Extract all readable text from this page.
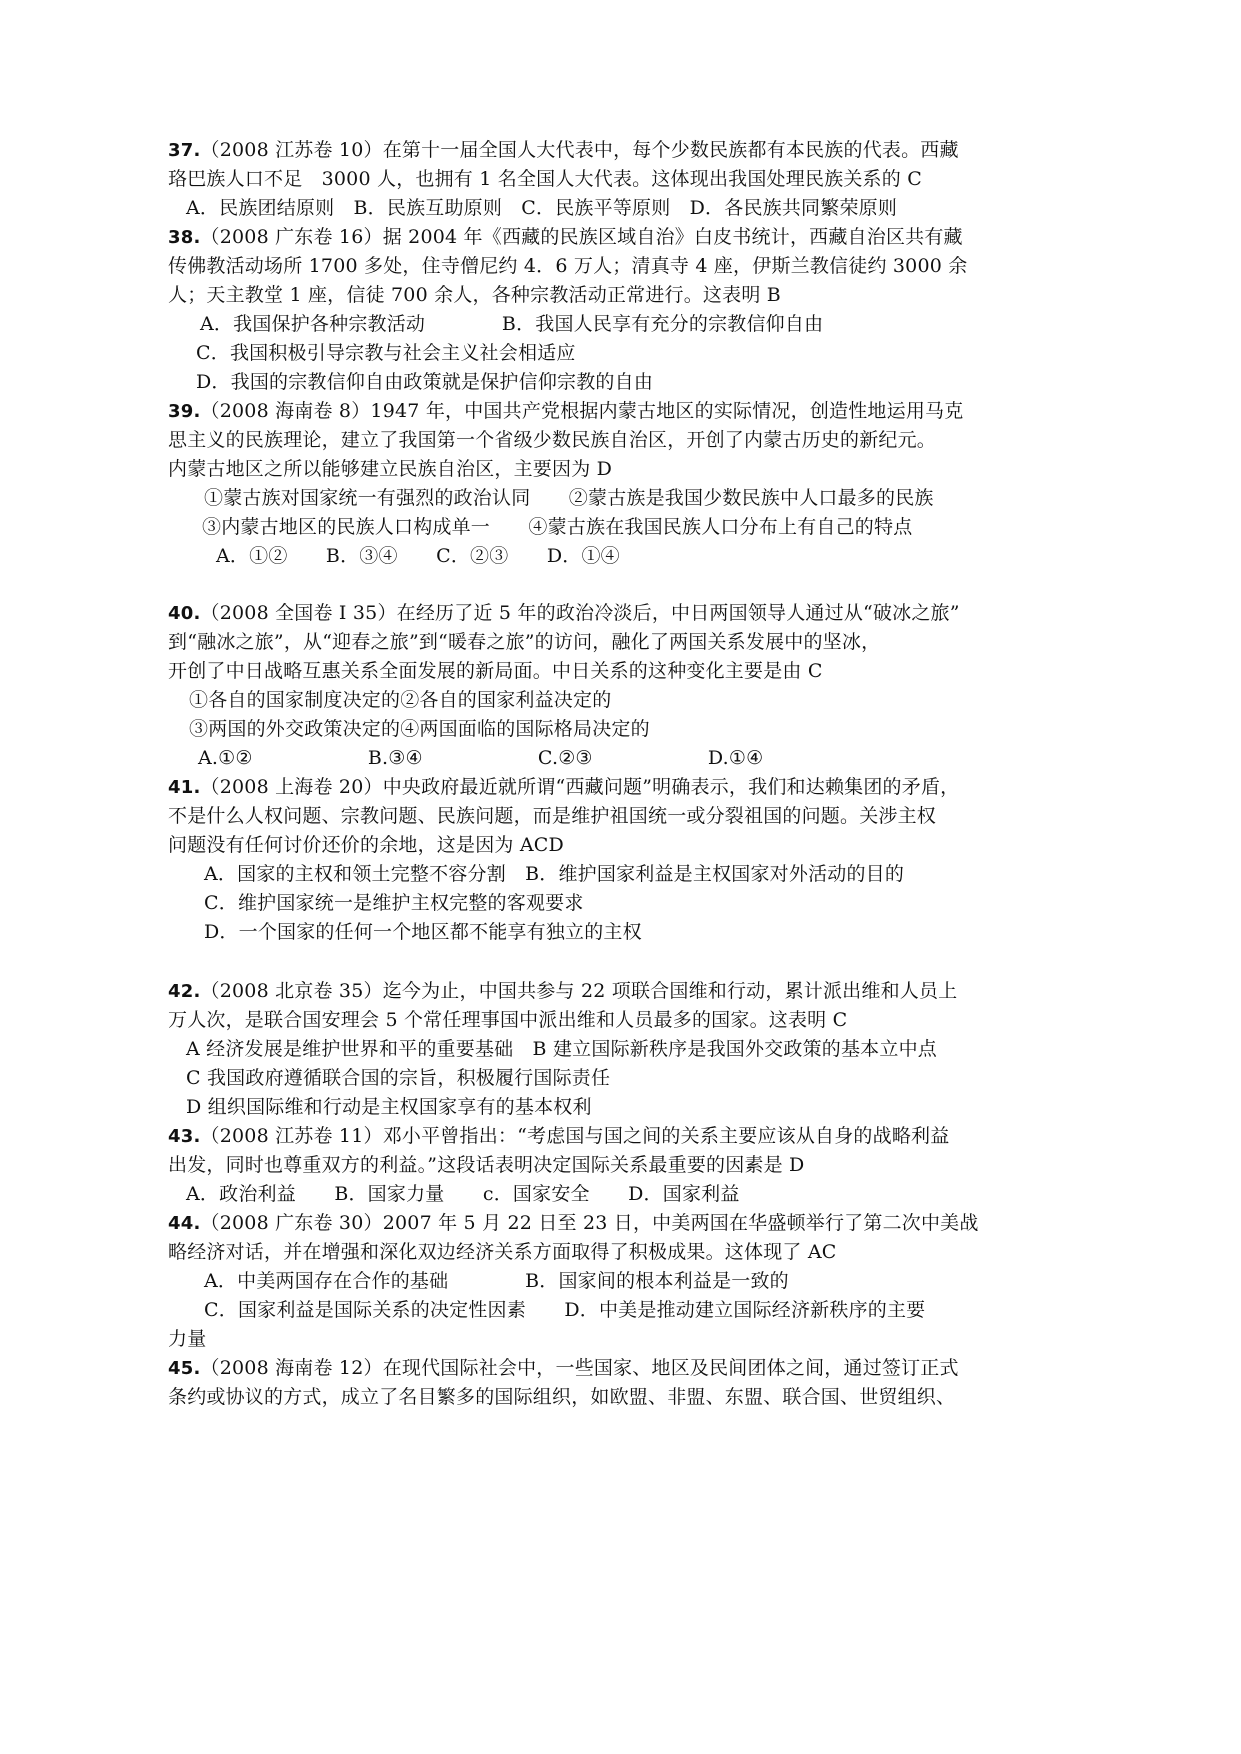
37.（2008 江苏卷 10）在第十一届全国人大代表中，每个少数民族都有本民族的代表。西藏
珞巴族人口不足　3000 人，也拥有 1 名全国人大代表。这体现出我国处理民族关系的 C
A．民族团结原则　B．民族互助原则　C．民族平等原则　D．各民族共同繁荣原则
38.（2008 广东卷 16）据 2004 年《西藏的民族区域自治》白皮书统计，西藏自治区共有藏
传佛教活动场所 1700 多处，住寺僧尼约 4．6 万人；清真寺 4 座，伊斯兰教信徒约 3000 余
人；天主教堂 1 座，信徒 700 余人，各种宗教活动正常进行。这表明 B
A．我国保护各种宗教活动　　　　B．我国人民享有充分的宗教信仰自由
C．我国积极引导宗教与社会主义社会相适应
D．我国的宗教信仰自由政策就是保护信仰宗教的自由
39.（2008 海南卷 8）1947 年，中国共产党根据内蒙古地区的实际情况，创造性地运用马克
思主义的民族理论，建立了我国第一个省级少数民族自治区，开创了内蒙古历史的新纪元。
内蒙古地区之所以能够建立民族自治区，主要因为 D
①蒙古族对国家统一有强烈的政治认同　　②蒙古族是我国少数民族中人口最多的民族
③内蒙古地区的民族人口构成单一　　④蒙古族在我国民族人口分布上有自己的特点
A．①②　　B．③④　　C．②③　　D．①④
40.（2008 全国卷 I 35）在经历了近 5 年的政治冷淡后，中日两国领导人通过从“破冰之旅”
到“融冰之旅”，从“迎春之旅”到“暖春之旅”的访问，融化了两国关系发展中的坚冰，
开创了中日战略互惠关系全面发展的新局面。中日关系的这种变化主要是由 C
①各自的国家制度决定的②各自的国家利益决定的
③两国的外交政策决定的④两国面临的国际格局决定的
A.①②　　　　　　B.③④　　　　　　C.②③　　　　　　D.①④
41.（2008 上海卷 20）中央政府最近就所谓“西藏问题”明确表示，我们和达赖集团的矛盾，
不是什么人权问题、宗教问题、民族问题，而是维护祖国统一或分裂祖国的问题。关涉主权
问题没有任何讨价还价的余地，这是因为 ACD
A．国家的主权和领土完整不容分割　B．维护国家利益是主权国家对外活动的目的
C．维护国家统一是维护主权完整的客观要求
D．一个国家的任何一个地区都不能享有独立的主权
42.（2008 北京卷 35）迄今为止，中国共参与 22 项联合国维和行动，累计派出维和人员上
万人次，是联合国安理会 5 个常任理事国中派出维和人员最多的国家。这表明 C
A 经济发展是维护世界和平的重要基础　B 建立国际新秩序是我国外交政策的基本立中点
C 我国政府遵循联合国的宗旨，积极履行国际责任
D 组织国际维和行动是主权国家享有的基本权利
43.（2008 江苏卷 11）邓小平曾指出：“考虑国与国之间的关系主要应该从自身的战略利益
出发，同时也尊重双方的利益。”这段话表明决定国际关系最重要的因素是 D
A．政治利益　　B．国家力量　　c．国家安全　　D．国家利益
44.（2008 广东卷 30）2007 年 5 月 22 日至 23 日，中美两国在华盛顿举行了第二次中美战
略经济对话，并在增强和深化双边经济关系方面取得了积极成果。这体现了 AC
A．中美两国存在合作的基础　　　　B．国家间的根本利益是一致的
C．国家利益是国际关系的决定性因素　　D．中美是推动建立国际经济新秩序的主要
力量
45.（2008 海南卷 12）在现代国际社会中，一些国家、地区及民间团体之间，通过签订正式
条约或协议的方式，成立了名目繁多的国际组织，如欧盟、非盟、东盟、联合国、世贸组织、
